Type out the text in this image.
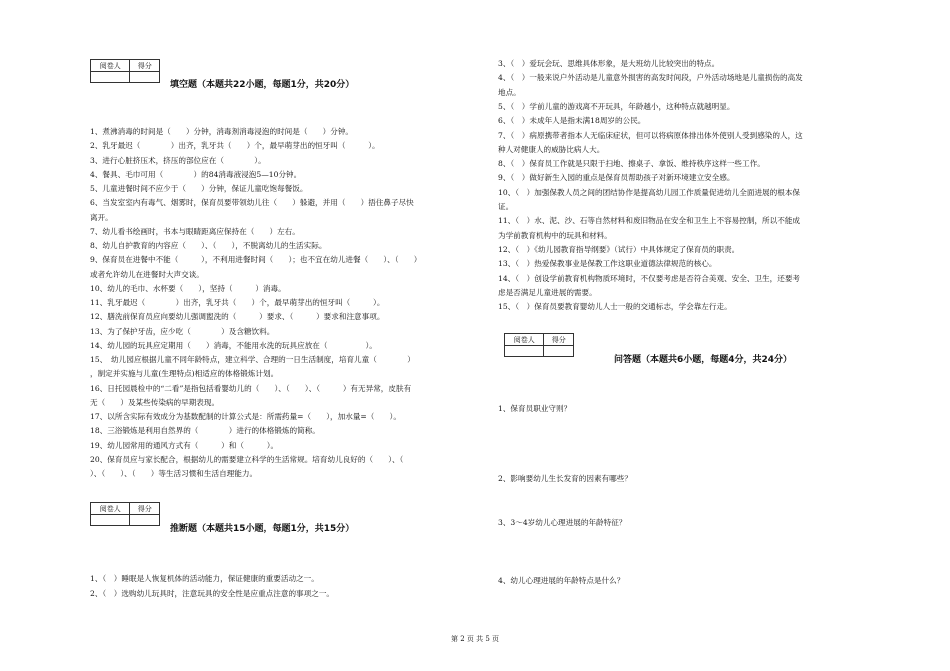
阅卷人	得分

填空题（本题共22小题，每题1分，共20分）
1、煮沸消毒的时间是（　　）分钟，消毒剂消毒浸泡的时间是（　　）分钟。
2、乳牙最迟（　　　　）出齐，乳牙共（　　）个，最早萌芽出的恒牙叫（　　　）。
3、进行心脏挤压术，挤压的部位应在（　　　　）。
4、餐具、毛巾可用（　　　　）的84消毒液浸泡5—10分钟。
5、儿童进餐时间不应少于（　　）分钟，保证儿童吃饱每餐饭。
6、当发室室内有毒气、烟雾时，保育员要带领幼儿往（　　）躲避，并用（　　）捂住鼻子尽快
离开。
7、幼儿看书绘画时，书本与眼睛距离应保持在（　　）左右。
8、幼儿自护教育的内容应（　　）、（　　），不脱离幼儿的生活实际。
9、保育员在进餐中不能（　　　），不利用进餐时间（　　）；也不宜在幼儿进餐（　　）、（　　）
或者允许幼儿在进餐时大声交谈。
10、幼儿的毛巾、水杯要（　　），坚持（　　　）消毒。
11、乳牙最迟（　　　　）出齐，乳牙共（　　）个，最早萌芽出的恒牙叫（　　　）。
12、膳洗前保育员应向要幼儿强调盥洗的（　　　）要求、（　　　）要求和注意事项。
13、为了保护牙齿，应少吃（　　　　）及含糖饮料。
14、幼儿园的玩具应定期用（　　）消毒，不能用水洗的玩具应放在（　　　　　）。
15、　幼儿园应根据儿童不同年龄特点，建立科学、合理的一日生活制度，培育儿童（　　　　）
，制定并实施与儿童(生理特点)相适应的体格锻炼计划。
16、日托园晨检中的“二看”是指包括看婴幼儿的（　　）、（　　）、（　　　）有无异常，皮肤有
无（　　）及某些传染病的早期表现。
17、以所含实际有效成分为基数配制的计算公式是：所需药量=（　　），加水量=（　　）。
18、三浴锻炼是利用自然界的（　　　　）进行的体格锻炼的简称。
19、幼儿园常用的通风方式有（　　　）和（　　　）。
20、保育员应与家长配合，根据幼儿的需要建立科学的生活常规。培育幼儿良好的（　　）、（　　
）、（　　）、（　　）等生活习惯和生活自理能力。
阅卷人	得分

推断题（本题共15小题，每题1分，共15分）
1、（　）睡眠是人恢复机体的活动能力，保证健康的重要活动之一。
2、（　）选购幼儿玩具时，注意玩具的安全性是应重点注意的事项之一。
3、（　）爱玩会玩、思维具体形象，是大班幼儿比较突出的特点。
4、（　）一般来说户外活动是儿童意外损害的高发时间段，户外活动场地是儿童损伤的高发
地点。
5、（　）学前儿童的游戏离不开玩具，年龄越小，这种特点就越明显。
6、（　）未成年人是指未满18周岁的公民。
7、（　）病原携带者指本人无临床症状，但可以将病原体排出体外使别人受到感染的人，这
种人对健康人的威胁比病人大。
8、（　）保育员工作就是只限于扫地、擦桌子、拿饭、维持秩序这样一些工作。
9、（　）做好新生入园的重点是保育员帮助孩子对新环境建立安全感。
10、（　）加强保教人员之间的团结协作是提高幼儿园工作质量促进幼儿全面进展的根本保
证。
11、（　）水、泥、沙、石等自然材料和废旧物品在安全和卫生上不容易控制，所以不能成
为学前教育机构中的玩具和材料。
12、（　）《幼儿园教育指导纲要》（试行）中具体规定了保育员的职责。
13、（　）热爱保教事业是保教工作这职业道德法律规范的核心。
14、（　）创设学前教育机构物质环境时，不仅要考虑是否符合美观、安全、卫生，还要考
虑是否满足儿童进展的需要。
15、（　）保育员要教育婴幼儿人士一般的交通标志，学会靠左行走。
阅卷人	得分

问答题（本题共6小题，每题4分，共24分）
1、保育员职业守则？
2、影响要幼儿生长发育的因素有哪些？
3、3～4岁幼儿心理进展的年龄特征？
4、幼儿心理进展的年龄特点是什么？
第 2 页 共 5 页
